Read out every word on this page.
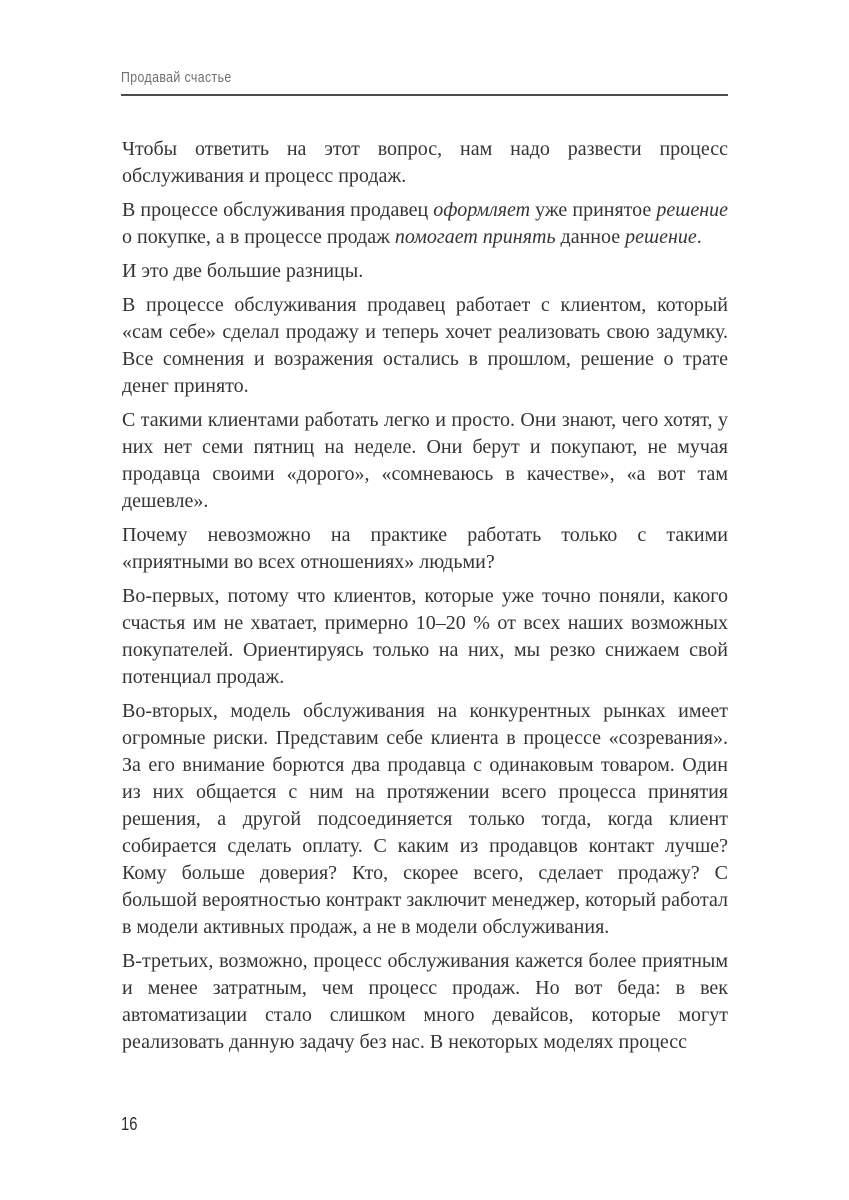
Продавай счастье

Чтобы ответить на этот вопрос, нам надо развести процесс обслуживания и процесс продаж.

В процессе обслуживания продавец оформляет уже принятое решение о покупке, а в процессе продаж помогает принять данное решение.

И это две большие разницы.

В процессе обслуживания продавец работает с клиентом, который «сам себе» сделал продажу и теперь хочет реализовать свою задумку. Все сомнения и возражения остались в прошлом, решение о трате денег принято.

С такими клиентами работать легко и просто. Они знают, чего хотят, у них нет семи пятниц на неделе. Они берут и покупают, не мучая продавца своими «дорого», «сомневаюсь в качестве», «а вот там дешевле».

Почему невозможно на практике работать только с такими «приятными во всех отношениях» людьми?

Во-первых, потому что клиентов, которые уже точно поняли, какого счастья им не хватает, примерно 10–20 % от всех наших возможных покупателей. Ориентируясь только на них, мы резко снижаем свой потенциал продаж.

Во-вторых, модель обслуживания на конкурентных рынках имеет огромные риски. Представим себе клиента в процессе «созревания». За его внимание борются два продавца с одинаковым товаром. Один из них общается с ним на протяжении всего процесса принятия решения, а другой подсоединяется только тогда, когда клиент собирается сделать оплату. С каким из продавцов контакт лучше? Кому больше доверия? Кто, скорее всего, сделает продажу? С большой вероятностью контракт заключит менеджер, который работал в модели активных продаж, а не в модели обслуживания.

В-третьих, возможно, процесс обслуживания кажется более приятным и менее затратным, чем процесс продаж. Но вот беда: в век автоматизации стало слишком много девайсов, которые могут реализовать данную задачу без нас. В некоторых моделях процесс

16
